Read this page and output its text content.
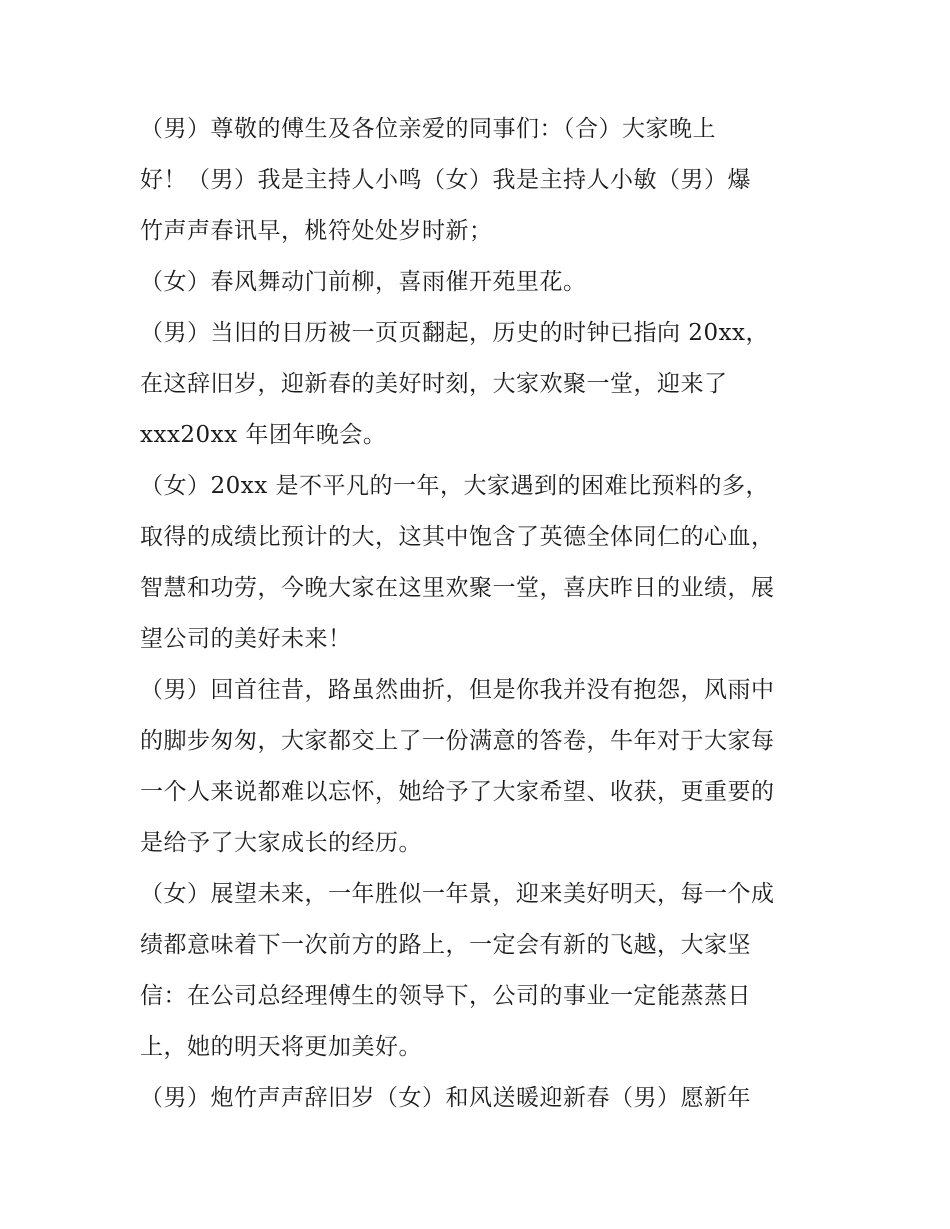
（男）尊敬的傅生及各位亲爱的同事们：（合）大家晚上
好！（男）我是主持人小鸣（女）我是主持人小敏（男）爆
竹声声春讯早，桃符处处岁时新；
（女）春风舞动门前柳，喜雨催开苑里花。
（男）当旧的日历被一页页翻起，历史的时钟已指向 20xx，
在这辞旧岁，迎新春的美好时刻，大家欢聚一堂，迎来了
xxx20xx 年团年晚会。
（女）20xx 是不平凡的一年，大家遇到的困难比预料的多，
取得的成绩比预计的大，这其中饱含了英德全体同仁的心血，
智慧和功劳，今晚大家在这里欢聚一堂，喜庆昨日的业绩，展
望公司的美好未来！
（男）回首往昔，路虽然曲折，但是你我并没有抱怨，风雨中
的脚步匆匆，大家都交上了一份满意的答卷，牛年对于大家每
一个人来说都难以忘怀，她给予了大家希望、收获，更重要的
是给予了大家成长的经历。
（女）展望未来，一年胜似一年景，迎来美好明天，每一个成
绩都意味着下一次前方的路上，一定会有新的飞越，大家坚
信：在公司总经理傅生的领导下，公司的事业一定能蒸蒸日
上，她的明天将更加美好。
（男）炮竹声声辞旧岁（女）和风送暖迎新春（男）愿新年
